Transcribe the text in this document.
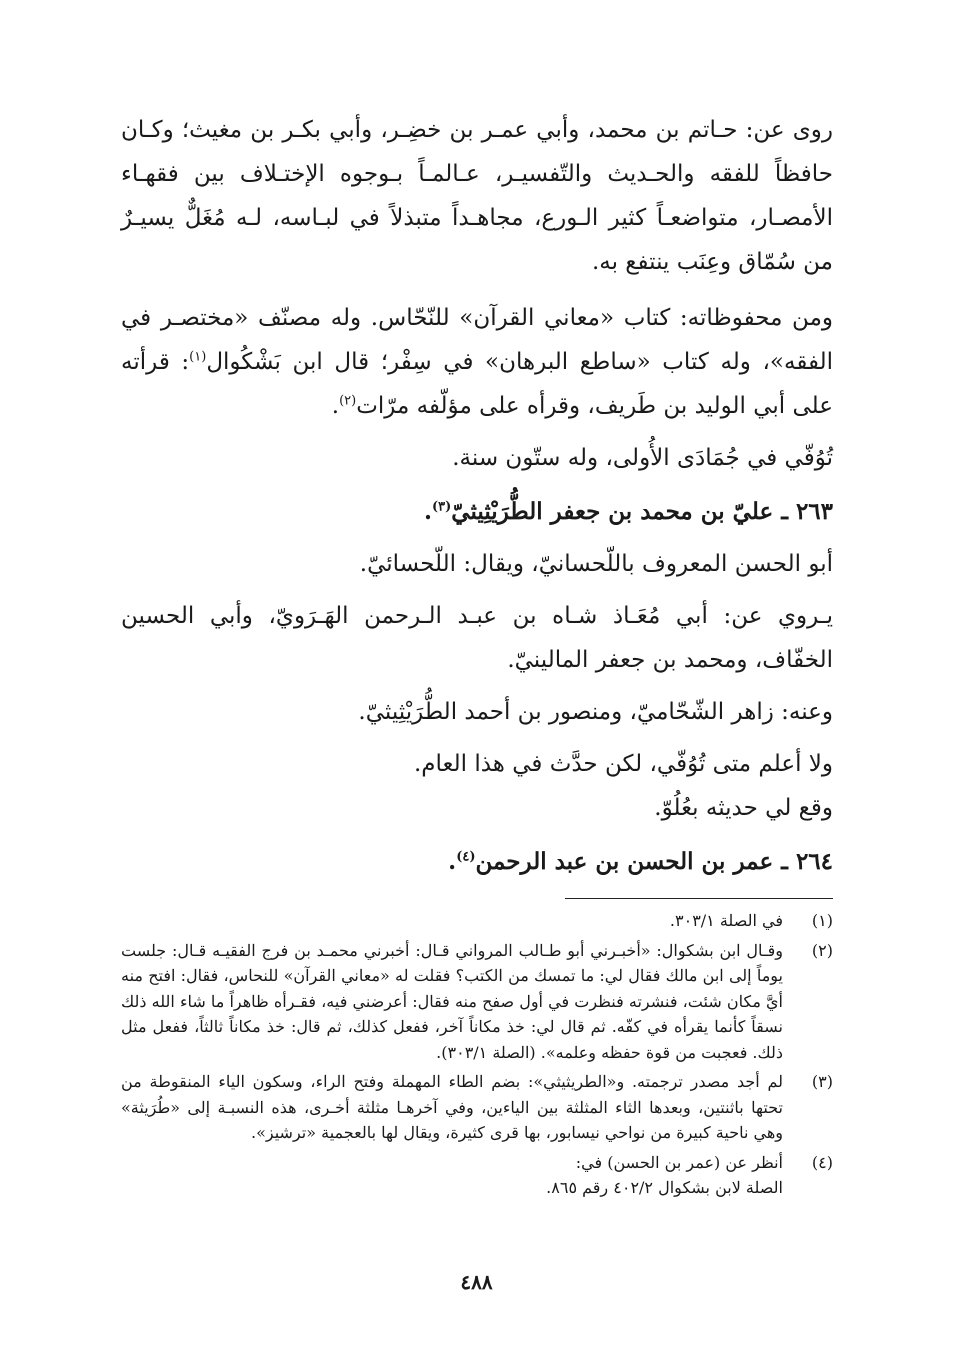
روى عن: حـاتم بن محمد، وأبي عمـر بن خضِـر، وأبي بكـر بن مغيث؛ وكـان حافظاً للفقه والحـديث والتّفسيـر، عـالمـاً بـوجوه الإختـلاف بين فقهـاء الأمصـار، متواضعـاً كثير الـورع، مجاهـداً متبذلاً في لبـاسه، لـه مُغَلٌّ يسيـرٌ من سُمّاق وعِنَب ينتفع به.

ومن محفوظاته: كتاب «معاني القرآن» للنّحّاس. وله مصنّف «مختصـر في الفقه»، وله كتاب «ساطع البرهان» في سِفْر؛ قال ابن بَشْكُوال$^{(١)}$: قرأته على أبي الوليد بن طَريف، وقرأه على مؤلّفه مرّات$^{(٢)}$.

تُوُفّي في جُمَادَى الأُولى، وله ستّون سنة.

٢٦٣ ـ عليّ بن محمد بن جعفر الطُّرَيْثِيثيّ$^{(٣)}$.

أبو الحسن المعروف باللّحسانيّ، ويقال: اللّحسائيّ.

يـروي عن: أبي مُعَـاذ شـاه بن عبـد الـرحمن الهَـرَويّ، وأبي الحسين الخفّاف، ومحمد بن جعفر المالينيّ.

وعنه: زاهر الشّحّاميّ، ومنصور بن أحمد الطُّرَيْثِيثيّ.

ولا أعلم متى تُوُفّي، لكن حدَّث في هذا العام.

وقع لي حديثه بعُلُوّ.

٢٦٤ ـ عمر بن الحسن بن عبد الرحمن$^{(٤)}$.

(١)
في الصلة ٣٠٣/١.
(٢)
وقـال ابن بشكوال: «أخبـرني أبو طـالب المرواني قـال: أخبرني محمـد بن فرج الفقيـه قـال: جلست يوماً إلى ابن مالك فقال لي: ما تمسك من الكتب؟ فقلت له «معاني القرآن» للنحاس، فقال: افتح منه أيَّ مكان شئت، فنشرته فنظرت في أول صفح منه فقال: أعرضني فيه، فقـرأه ظاهراً ما شاء الله ذلك نسقاً كأنما يقرأه في كفّه. ثم قال لي: خذ مكاناً آخر، ففعل كذلك، ثم قال: خذ مكاناً ثالثاً، ففعل مثل ذلك. فعجبت من قوة حفظه وعلمه». (الصلة ٣٠٣/١).
(٣)
لم أجد مصدر ترجمته. و«الطريثيثي»: بضم الطاء المهملة وفتح الراء، وسكون الياء المنقوطة من تحتها باثنتين، وبعدها الثاء المثلثة بين الياءين، وفي آخرهـا مثلثة أخـرى، هذه النسبـة إلى «طُرَيثة» وهي ناحية كبيرة من نواحي نيسابور، بها قرى كثيرة، ويقال لها بالعجمية «ترشيز».
(٤)
أنظر عن (عمر بن الحسن) في:
الصلة لابن بشكوال ٤٠٢/٢ رقم ٨٦٥.
٤٨٨
